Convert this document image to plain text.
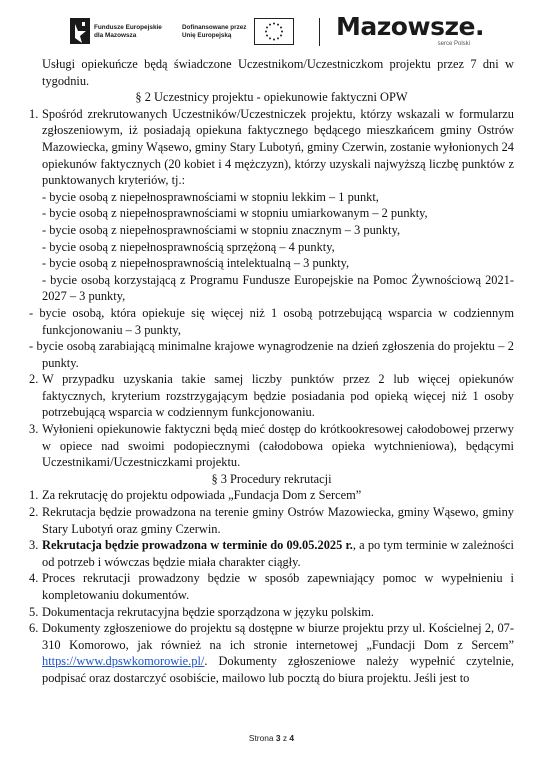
Fundusze Europejskie
dla Mazowsza
Dofinansowane przez
Unię Europejską	Mazowsze.
serce Polski

Usługi opiekuńcze będą świadczone Uczestnikom/Uczestniczkom projektu przez 7 dni w tygodniu.

§ 2 Uczestnicy projektu - opiekunowie faktyczni OPW

1. Spośród zrekrutowanych Uczestników/Uczestniczek projektu, którzy wskazali w formularzu zgłoszeniowym, iż posiadają opiekuna faktycznego będącego mieszkańcem gminy Ostrów Mazowiecka, gminy Wąsewo, gminy Stary Lubotyń, gminy Czerwin, zostanie wyłonionych 24 opiekunów faktycznych (20 kobiet i 4 mężczyzn), którzy uzyskali najwyższą liczbę punktów z punktowanych kryteriów, tj.:
- bycie osobą z niepełnosprawnościami w stopniu lekkim – 1 punkt,
- bycie osobą z niepełnosprawnościami w stopniu umiarkowanym – 2 punkty,
- bycie osobą z niepełnosprawnościami w stopniu znacznym – 3 punkty,
- bycie osobą z niepełnosprawnością sprzężoną – 4 punkty,
- bycie osobą z niepełnosprawnością intelektualną – 3 punkty,
- bycie osobą korzystającą z Programu Fundusze Europejskie na Pomoc Żywnościową 2021-2027 – 3 punkty,
- bycie osobą, która opiekuje się więcej niż 1 osobą potrzebującą wsparcia w codziennym funkcjonowaniu – 3 punkty,
- bycie osobą zarabiającą minimalne krajowe wynagrodzenie na dzień zgłoszenia do projektu – 2 punkty.
2. W przypadku uzyskania takie samej liczby punktów przez 2 lub więcej opiekunów faktycznych, kryterium rozstrzygającym będzie posiadania pod opieką więcej niż 1 osoby potrzebującą wsparcia w codziennym funkcjonowaniu.
3. Wyłonieni opiekunowie faktyczni będą mieć dostęp do krótkookresowej całodobowej przerwy w opiece nad swoimi podopiecznymi (całodobowa opieka wytchnieniowa), będącymi Uczestnikami/Uczestniczkami projektu.

§ 3 Procedury rekrutacji

1. Za rekrutację do projektu odpowiada „Fundacja Dom z Sercem”
2. Rekrutacja będzie prowadzona na terenie gminy Ostrów Mazowiecka, gminy Wąsewo, gminy Stary Lubotyń oraz gminy Czerwin.
3. Rekrutacja będzie prowadzona w terminie do 09.05.2025 r., a po tym terminie w zależności od potrzeb i wówczas będzie miała charakter ciągły.
4. Proces rekrutacji prowadzony będzie w sposób zapewniający pomoc w wypełnieniu i kompletowaniu dokumentów.
5. Dokumentacja rekrutacyjna będzie sporządzona w języku polskim.
6. Dokumenty zgłoszeniowe do projektu są dostępne w biurze projektu przy ul. Kościelnej 2, 07-310 Komorowo, jak również na ich stronie internetowej „Fundacji Dom z Sercem” https://www.dpswkomorowie.pl/. Dokumenty zgłoszeniowe należy wypełnić czytelnie, podpisać oraz dostarczyć osobiście, mailowo lub pocztą do biura projektu. Jeśli jest to
Strona 3 z 4
